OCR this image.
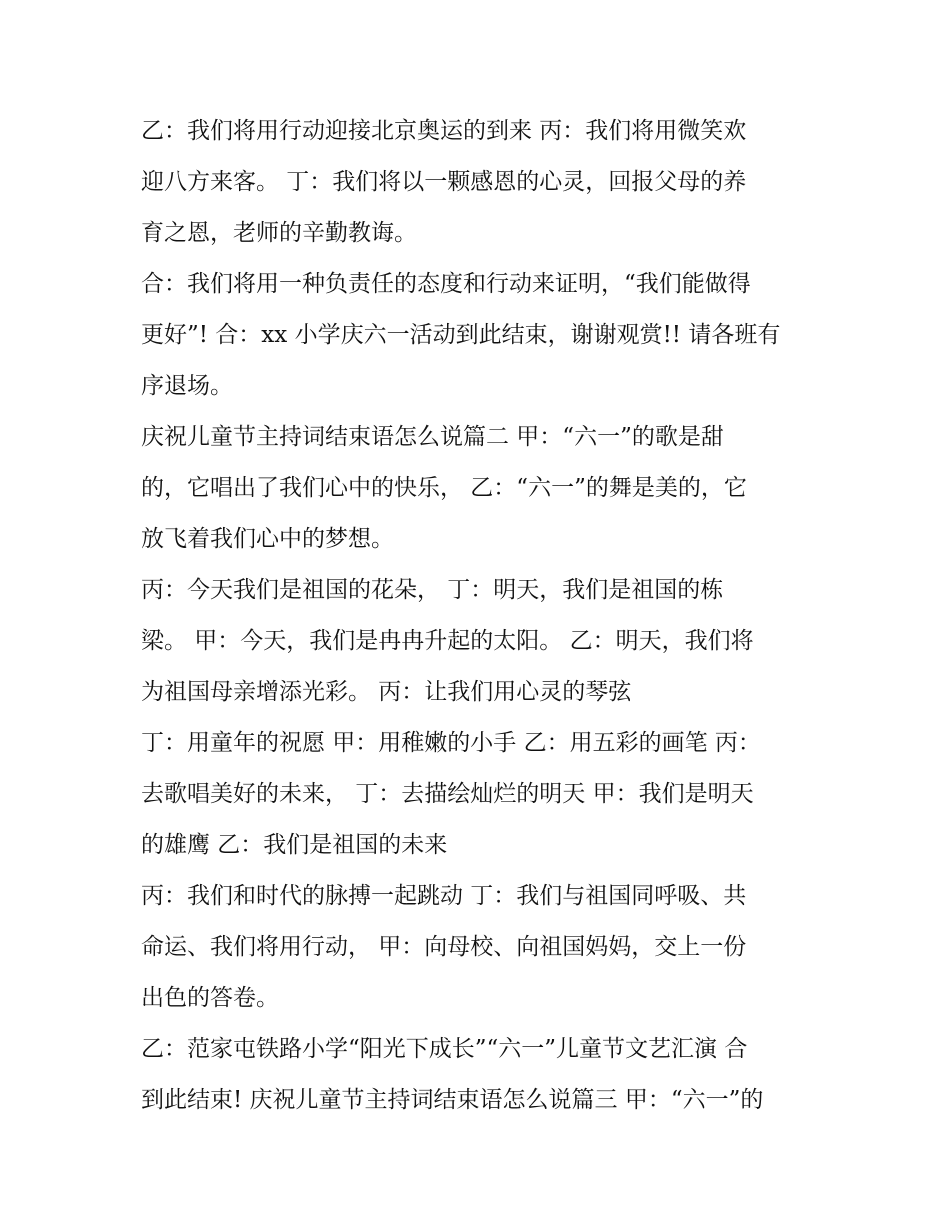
乙：我们将用行动迎接北京奥运的到来 丙：我们将用微笑欢
迎八方来客。 丁：我们将以一颗感恩的心灵，回报父母的养
育之恩，老师的辛勤教诲。
合：我们将用一种负责任的态度和行动来证明，“我们能做得
更好”! 合：xx 小学庆六一活动到此结束，谢谢观赏!! 请各班有
序退场。
庆祝儿童节主持词结束语怎么说篇二 甲：“六一”的歌是甜
的，它唱出了我们心中的快乐， 乙：“六一”的舞是美的，它
放飞着我们心中的梦想。
丙：今天我们是祖国的花朵， 丁：明天，我们是祖国的栋
梁。 甲：今天，我们是冉冉升起的太阳。 乙：明天，我们将
为祖国母亲增添光彩。 丙：让我们用心灵的琴弦
丁：用童年的祝愿 甲：用稚嫩的小手 乙：用五彩的画笔 丙：
去歌唱美好的未来， 丁：去描绘灿烂的明天 甲：我们是明天
的雄鹰 乙：我们是祖国的未来
丙：我们和时代的脉搏一起跳动 丁：我们与祖国同呼吸、共
命运、我们将用行动， 甲：向母校、向祖国妈妈，交上一份
出色的答卷。
乙：范家屯铁路小学“阳光下成长”“六一”儿童节文艺汇演 合
到此结束! 庆祝儿童节主持词结束语怎么说篇三 甲：“六一”的
